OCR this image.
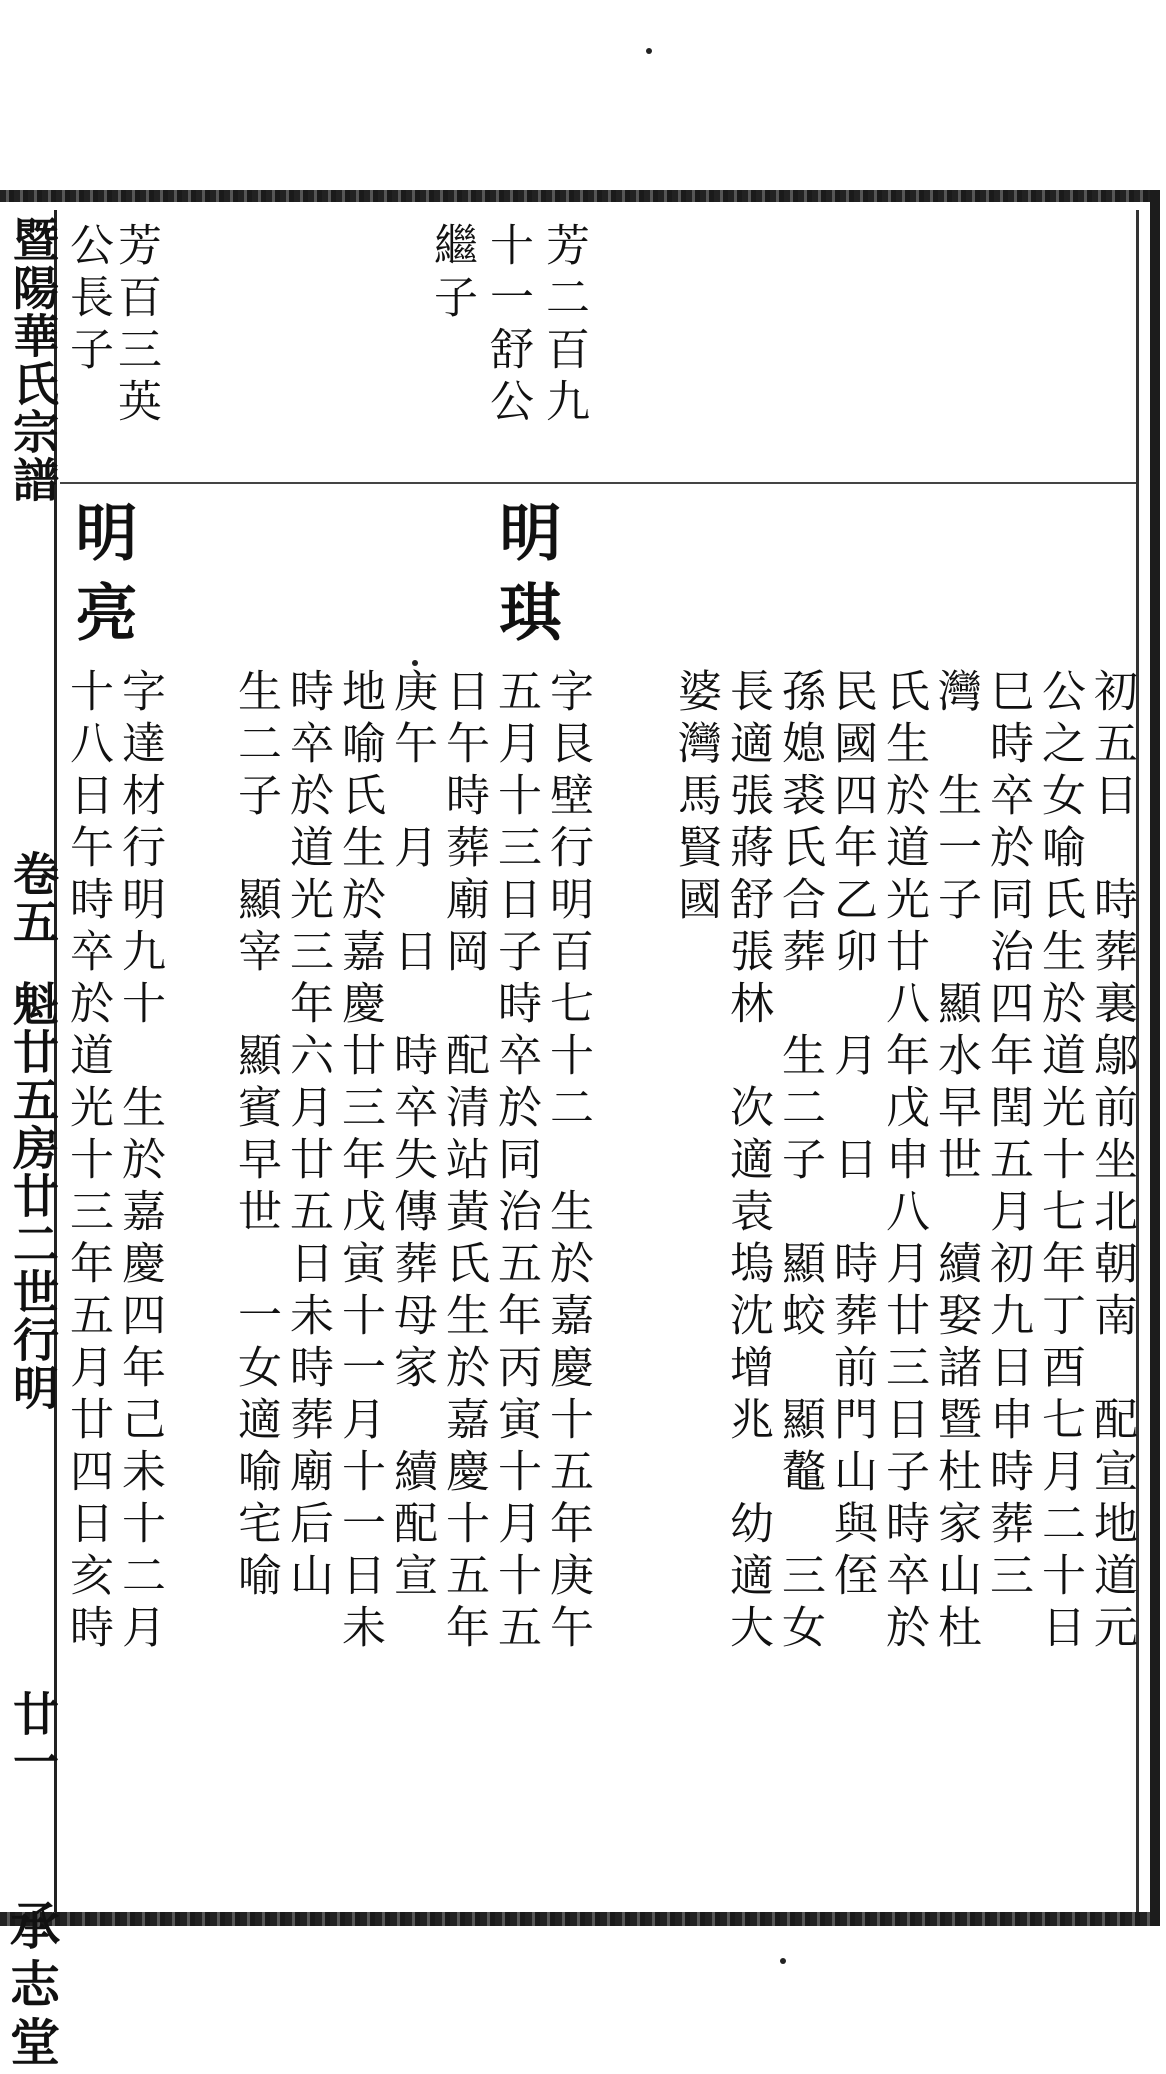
暨陽華氏宗譜
卷五
魁廿五房廿二世行明
廿一
承志堂
芳二百九
十一舒公
繼子
芳百三英
公長子
明琪
明亮
初五日　時葬裏鄔前坐北朝南　配宣地道元
公之女喻氏生於道光十七年丁酉七月二十日
巳時卒於同治四年閏五月初九日申時葬三
灣　生一子　顯水早世　續娶諸暨杜家山杜
氏生於道光廿八年戊申八月廿三日子時卒於
民國四年乙卯　月　日　時葬前門山與侄
孫媳裘氏合葬　生二子　顯蛟　顯鼇　三女
長適張蔣舒張林　次適袁塢沈增兆　幼適大
婆灣馬賢國
字艮壁行明百七十二　生於嘉慶十五年庚午
五月十三日子時卒於同治五年丙寅十月十五
日午時葬廟岡　配清站黃氏生於嘉慶十五年
庚午　月　日　時卒失傳葬母家　續配宣
地喻氏生於嘉慶廿三年戊寅十一月十一日未
時卒於道光三年六月廿五日未時葬廟后山
生二子　顯宰　顯賓早世　一女適喻宅喻
字達材行明九十　生於嘉慶四年己未十二月
十八日午時卒於道光十三年五月廿四日亥時
